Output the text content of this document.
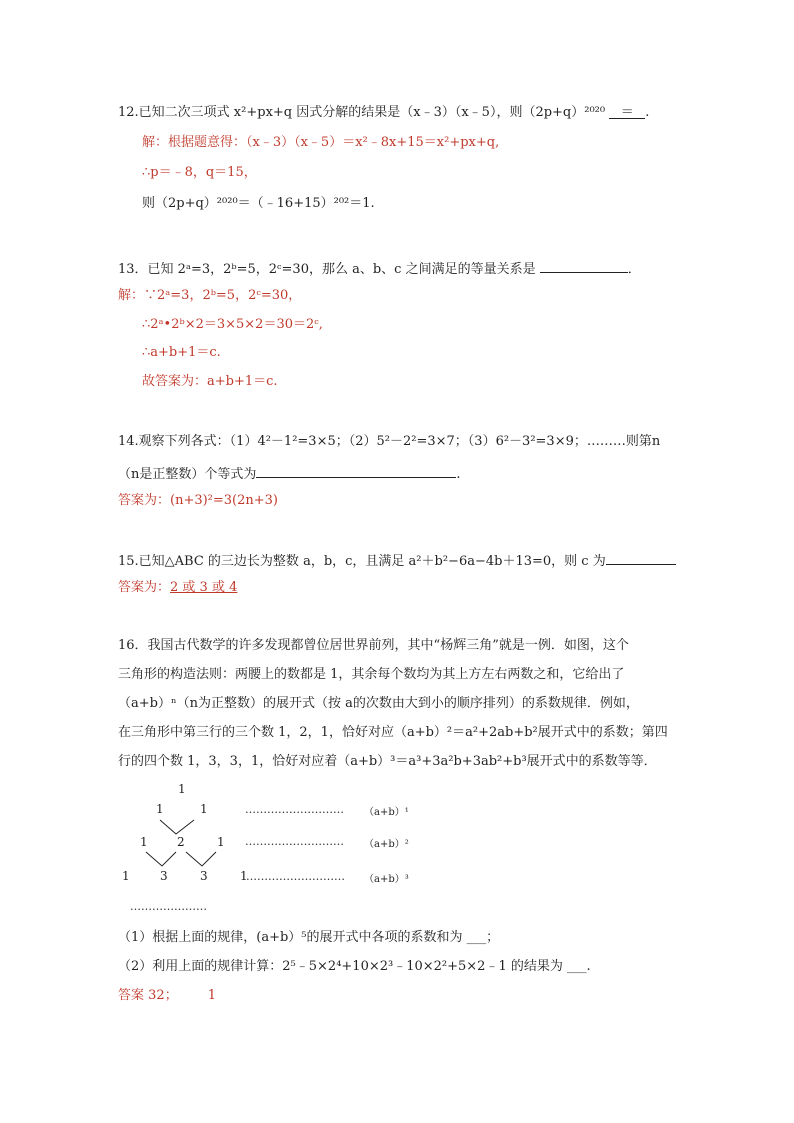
12.已知二次三项式 x²+px+q 因式分解的结果是（x﹣3）（x﹣5），则（2p+q）²⁰²⁰ ＝ .
解：根据题意得：（x﹣3）（x﹣5）＝x²﹣8x+15＝x²+px+q,
∴p＝﹣8，q＝15，
则（2p+q）²⁰²⁰＝（﹣16+15）²⁰²＝1.
13．已知 2ᵃ=3，2ᵇ=5，2ᶜ=30，那么 a、b、c 之间满足的等量关系是	．
解：∵2ᵃ=3，2ᵇ=5，2ᶜ=30，
∴2ᵃ•2ᵇ×2＝3×5×2＝30＝2ᶜ,
∴a+b+1＝c.
故答案为：a+b+1＝c.
14.观察下列各式：（1）4²－1²=3×5；（2）5²－2²=3×7；（3）6²－3²=3×9；………则第n
（n是正整数）个等式为	.
答案为：(n+3)²=3(2n+3)
15.已知△ABC 的三边长为整数 a，b，c，且满足 a²＋b²−6a−4b＋13=0，则 c 为
答案为：2 或 3 或 4
16．我国古代数学的许多发现都曾位居世界前列，其中“杨辉三角”就是一例．如图，这个
三角形的构造法则：两腰上的数都是 1，其余每个数均为其上方左右两数之和，它给出了
（a+b）ⁿ（n为正整数）的展开式（按 a的次数由大到小的顺序排列）的系数规律．例如，
在三角形中第三行的三个数 1，2，1，恰好对应（a+b）²＝a²+2ab+b²展开式中的系数；第四
行的四个数 1，3，3，1，恰好对应着（a+b）³＝a³+3a²b+3ab²+b³展开式中的系数等等．
1
1	1
1 2	1
1	3	3	1
……………………… （a+b）¹
……………………… （a+b）²
……………………… （a+b）³
…………………
（1）根据上面的规律，(a+b）⁵的展开式中各项的系数和为 ___；
（2）利用上面的规律计算：2⁵﹣5×2⁴+10×2³﹣10×2²+5×2﹣1 的结果为 ___.
答案 32； 1
